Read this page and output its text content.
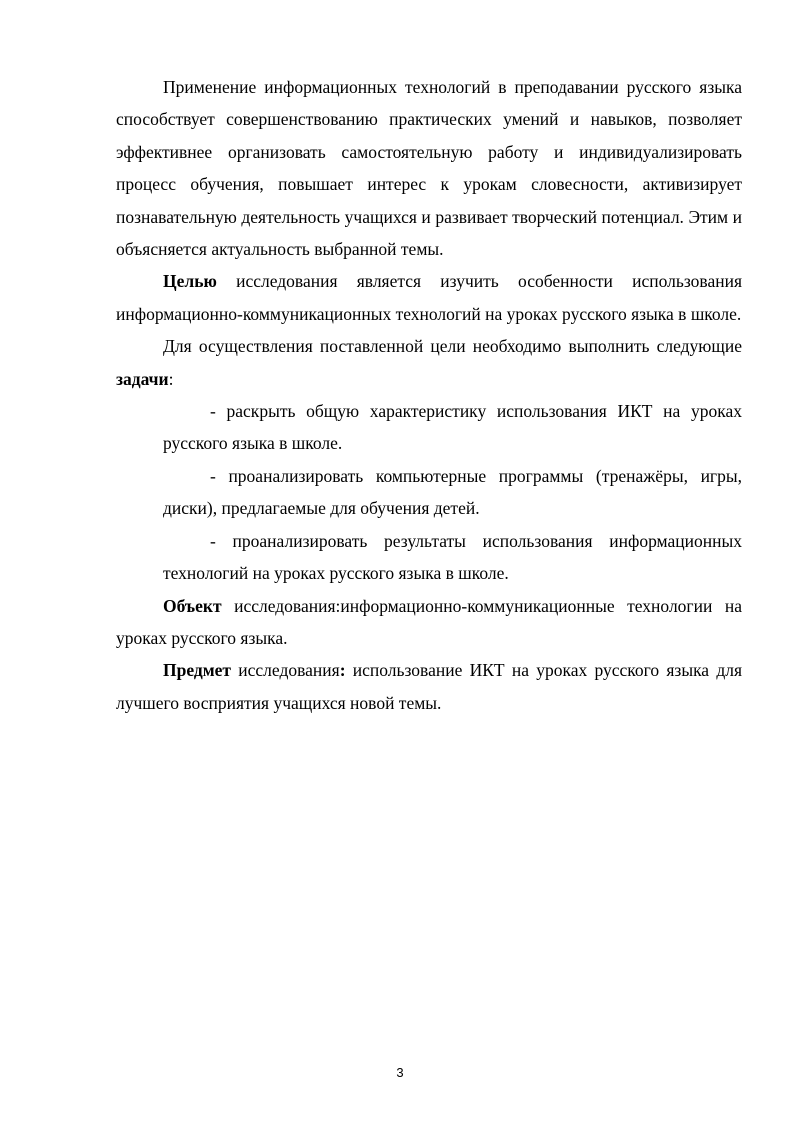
Применение информационных технологий в преподавании русского языка способствует совершенствованию практических умений и навыков, позволяет эффективнее организовать самостоятельную работу и индивидуализировать процесс обучения, повышает интерес к урокам словесности, активизирует познавательную деятельность учащихся и развивает творческий потенциал. Этим и объясняется актуальность выбранной темы.

Целью исследования является изучить особенности использования информационно-коммуникационных технологий на уроках русского языка в школе.

Для осуществления поставленной цели необходимо выполнить следующие задачи:

- раскрыть общую характеристику использования ИКТ на уроках русского языка в школе.

- проанализировать компьютерные программы (тренажёры, игры, диски), предлагаемые для обучения детей.

- проанализировать результаты использования информационных технологий на уроках русского языка в школе.

Объект исследования:информационно-коммуникационные технологии на уроках русского языка.

Предмет исследования: использование ИКТ на уроках русского языка для лучшего восприятия учащихся новой темы.

3
